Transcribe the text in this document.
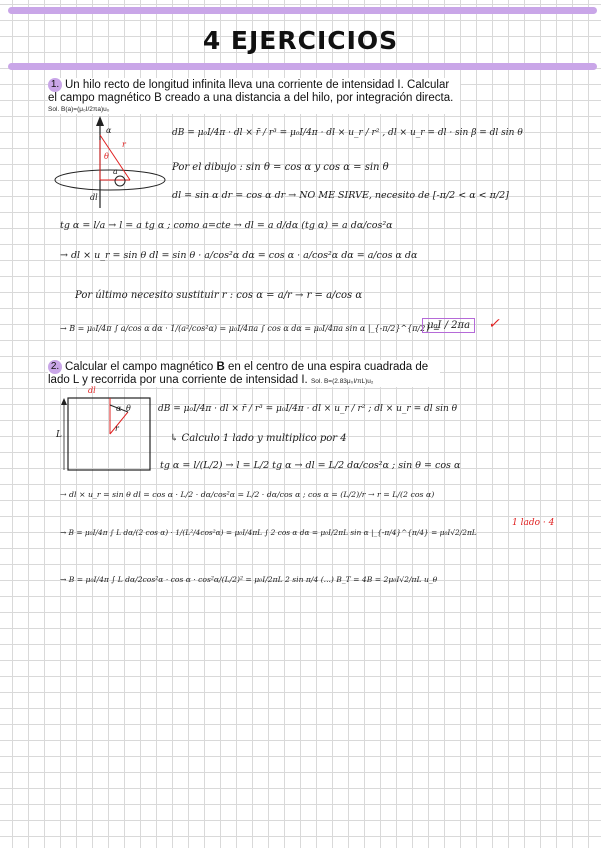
4 EJERCICIOS
1. Un hilo recto de longitud infinita lleva una corriente de intensidad I. Calcular el campo magnético B creado a una distancia a del hilo, por integración directa.
Sol. B(a)=(μ₀I/2πa)u₀
α
θ
r
a
dl
dB = μ₀I/4π · dl × r̄ / r³ = μ₀I/4π · dl × u_r / r² , dl × u_r = dl · sin β = dl sin θ
Por el dibujo : sin θ = cos α y cos α = sin θ
dl = sin α dr = cos α dr → NO ME SIRVE, necesito de [-π/2 < α < π/2]
tg α = l/a → l = a tg α ; como a=cte → dl = a d/dα (tg α) = a dα/cos²α
→ dl × u_r = sin θ dl = sin θ · a/cos²α dα = cos α · a/cos²α dα = a/cos α dα
Por último necesito sustituir r : cos α = a/r → r = a/cos α
→ B = μ₀I/4π ∫ a/cos α dα · 1/(a²/cos²α) = μ₀I/4πa ∫ cos α dα = μ₀I/4πa sin α |_{-π/2}^{π/2} =
μ₀I / 2πa	✓
2. Calcular el campo magnético B en el centro de una espira cuadrada de lado L y recorrida por una corriente de intensidad I. Sol. B=(2.83μ₀I/πL)u₂
dl
α θ
r
L
dB = μ₀I/4π · dl × r̄ / r³ = μ₀I/4π · dl × u_r / r² ; dl × u_r = dl sin θ
↳ Calculo 1 lado y multiplico por 4
tg α = l/(L/2) → l = L/2 tg α → dl = L/2 dα/cos²α ; sin θ = cos α
→ dl × u_r = sin θ dl = cos α · L/2 · dα/cos²α = L/2 · dα/cos α ; cos α = (L/2)/r → r = L/(2 cos α)
→ B = μ₀I/4π ∫ L dα/(2 cos α) · 1/(L²/4cos²α) = μ₀I/4πL ∫ 2 cos α dα = μ₀I/2πL sin α |_{-π/4}^{π/4} = μ₀I√2/2πL
1 lado · 4
→ B = μ₀I/4π ∫ L dα/2cos²α · cos α · cos²α/(L/2)² = μ₀I/2πL 2 sin π/4 (...) B_T = 4B = 2μ₀I√2/πL u_θ
